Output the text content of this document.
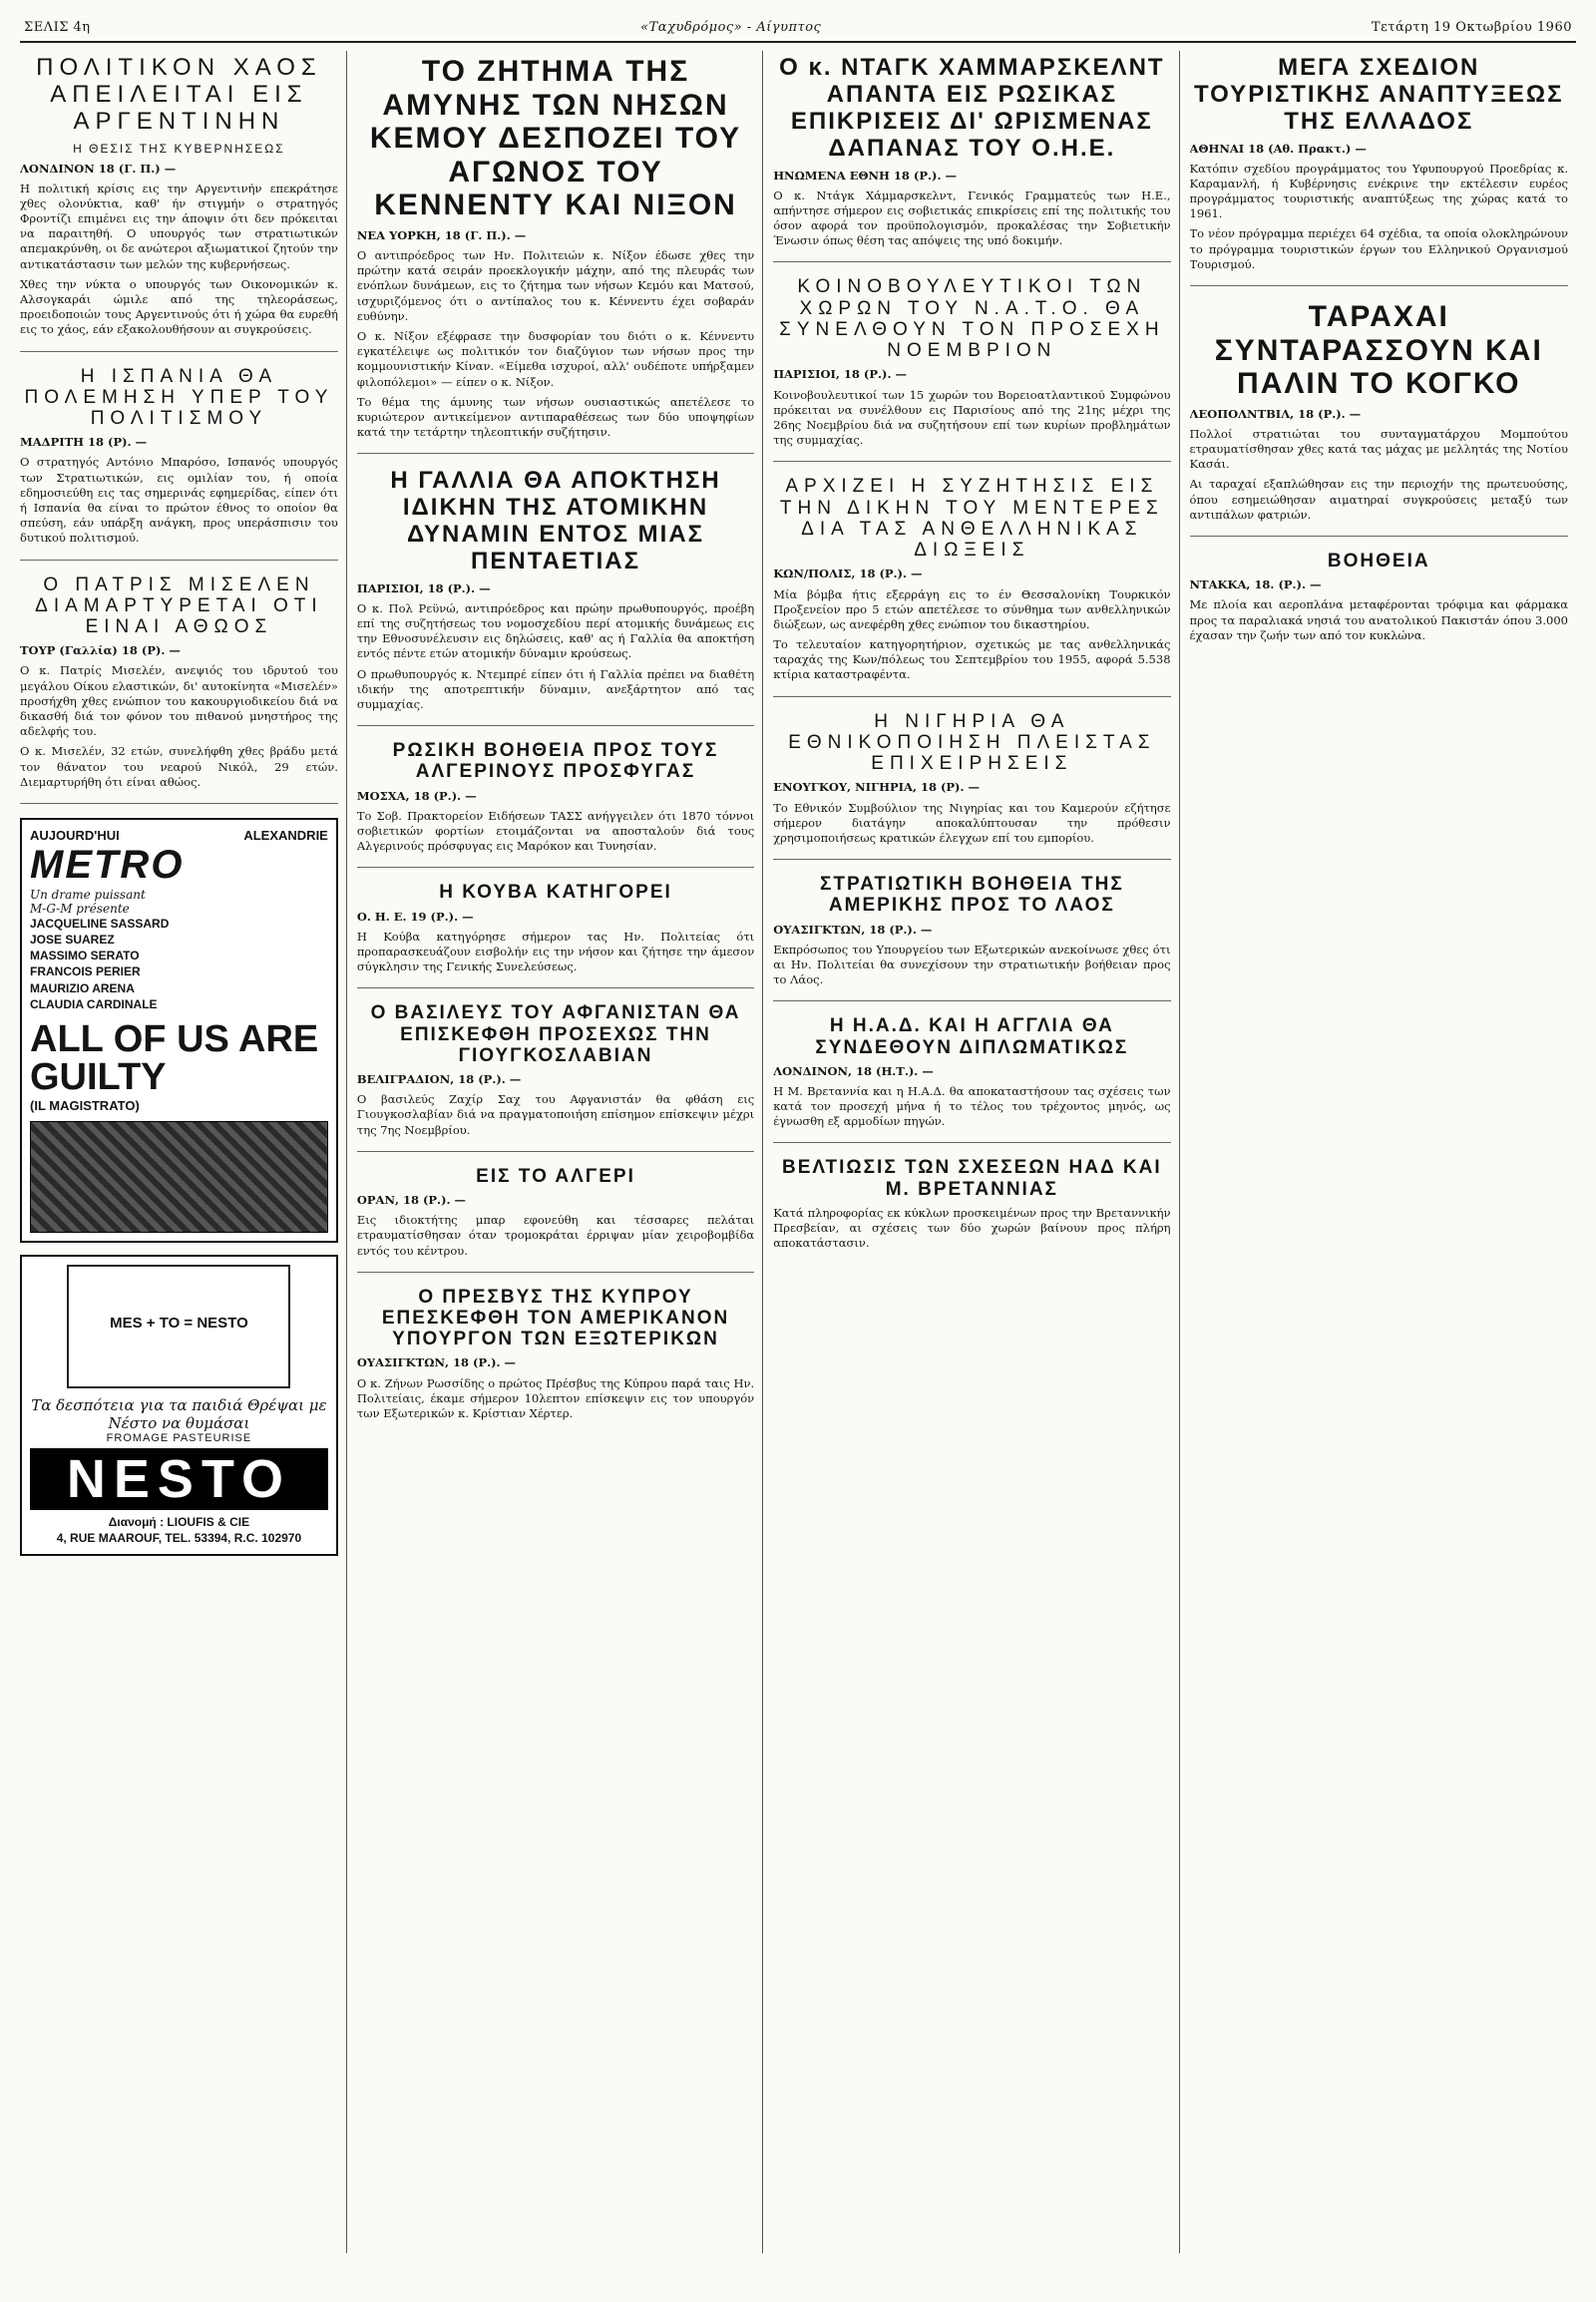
ΣΕΛΙΣ 4η	«Ταχυδρόμος» - Αίγυπτος	Τετάρτη 19 Οκτωβρίου 1960
ΠΟΛΙΤΙΚΟΝ ΧΑΟΣ ΑΠΕΙΛΕΙΤΑΙ ΕΙΣ ΑΡΓΕΝΤΙΝΗΝ
Η ΘΕΣΙΣ ΤΗΣ ΚΥΒΕΡΝΗΣΕΩΣ

ΛΟΝΔΙΝΟΝ 18 (Γ. Π.) —

Η πολιτική κρίσις εις την Αργεντινήν επεκράτησε χθες ολονύκτια, καθ' ήν στιγμήν ο στρατηγός Φροντίζι επιμένει εις την άποψιν ότι δεν πρόκειται να παραιτηθή. Ο υπουργός των στρατιωτικών απεμακρύνθη, οι δε ανώτεροι αξιωματικοί ζητούν την αντικατάστασιν των μελών της κυβερνήσεως.

Χθες την νύκτα ο υπουργός των Οικονομικών κ. Αλσογκαράι ώμιλε από της τηλεοράσεως, προειδοποιών τους Αργεντινούς ότι ή χώρα θα ευρεθή εις το χάος, εάν εξακολουθήσουν αι συγκρούσεις.

Η ΙΣΠΑΝΙΑ ΘΑ ΠΟΛΕΜΗΣΗ ΥΠΕΡ ΤΟΥ ΠΟΛΙΤΙΣΜΟΥ

ΜΑΔΡΙΤΗ 18 (Ρ). —

Ο στρατηγός Αντόνιο Μπαρόσο, Ισπανός υπουργός των Στρατιωτικών, εις ομιλίαν του, ή οποία εδημοσιεύθη εις τας σημερινάς εφημερίδας, είπεν ότι ή Ισπανία θα είναι το πρώτον έθνος το οποίον θα σπεύση, εάν υπάρξη ανάγκη, προς υπεράσπισιν του δυτικού πολιτισμού.

Ο ΠΑΤΡΙΣ ΜΙΣΕΛΕΝ ΔΙΑΜΑΡΤΥΡΕΤΑΙ ΟΤΙ ΕΙΝΑΙ ΑΘΩΟΣ

ΤΟΥΡ (Γαλλία) 18 (Ρ). —

Ο κ. Πατρίς Μισελέν, ανεψιός του ιδρυτού του μεγάλου Οίκου ελαστικών, δι' αυτοκίνητα «Μισελέν» προσήχθη χθες ενώπιον του κακουργιοδικείου διά να δικασθή διά τον φόνον του πιθανού μνηστήρος της αδελφής του.

Ο κ. Μισελέν, 32 ετών, συνελήφθη χθες βράδυ μετά τον θάνατον του νεαρού Νικόλ, 29 ετών. Διεμαρτυρήθη ότι είναι αθώος.

AUJOURD'HUI	ALEXANDRIE
METRO
Un drame puissant
M-G-M présente
JACQUELINE SASSARD
JOSE SUAREZ
MASSIMO SERATO
FRANCOIS PERIER
MAURIZIO ARENA
CLAUDIA CARDINALE
ALL OF US ARE GUILTY
(IL MAGISTRATO)
MES + TO = NESTO
Τα δεσπότεια για τα παιδιά Θρέψαι με Νέστο να θυμάσαι
FROMAGE PASTEURISE
NESTO
Διανομή : LIOUFIS & CIE
4, RUE MAAROUF, TEL. 53394, R.C. 102970
ΤΟ ΖΗΤΗΜΑ ΤΗΣ ΑΜΥΝΗΣ ΤΩΝ ΝΗΣΩΝ ΚΕΜΟΥ ΔΕΣΠΟΖΕΙ ΤΟΥ ΑΓΩΝΟΣ ΤΟΥ ΚΕΝΝΕΝΤΥ ΚΑΙ ΝΙΞΟΝ

ΝΕΑ ΥΟΡΚΗ, 18 (Γ. Π.). —

Ο αντιπρόεδρος των Ην. Πολιτειών κ. Νίξον έδωσε χθες την πρώτην κατά σειράν προεκλογικήν μάχην, από της πλευράς των ενόπλων δυνάμεων, εις το ζήτημα των νήσων Κεμόυ και Ματσού, ισχυριζόμενος ότι ο αντίπαλος του κ. Κέννεντυ έχει σοβαράν ευθύνην.

Ο κ. Νίξον εξέφρασε την δυσφορίαν του διότι ο κ. Κέννεντυ εγκατέλειψε ως πολιτικόν τον διαζύγιον των νήσων προς την κομμουνιστικήν Κίναν. «Είμεθα ισχυροί, αλλ' ουδέποτε υπήρξαμεν φιλοπόλεμοι» — είπεν ο κ. Νίξον.

Το θέμα της άμυνης των νήσων ουσιαστικώς απετέλεσε το κυριώτερον αντικείμενον αντιπαραθέσεως των δύο υποψηφίων κατά την τετάρτην τηλεοπτικήν συζήτησιν.

Η ΓΑΛΛΙΑ ΘΑ ΑΠΟΚΤΗΣΗ ΙΔΙΚΗΝ ΤΗΣ ΑΤΟΜΙΚΗΝ ΔΥΝΑΜΙΝ ΕΝΤΟΣ ΜΙΑΣ ΠΕΝΤΑΕΤΙΑΣ

ΠΑΡΙΣΙΟΙ, 18 (Ρ.). —

Ο κ. Πολ Ρεϋνώ, αντιπρόεδρος και πρώην πρωθυπουργός, προέβη επί της συζητήσεως του νομοσχεδίου περί ατομικής δυνάμεως εις την Εθνοσυνέλευσιν εις δηλώσεις, καθ' ας ή Γαλλία θα αποκτήση εντός πέντε ετών ατομικήν δύναμιν κρούσεως.

Ο πρωθυπουργός κ. Ντεμπρέ είπεν ότι ή Γαλλία πρέπει να διαθέτη ιδικήν της αποτρεπτικήν δύναμιν, ανεξάρτητον από τας συμμαχίας.

ΡΩΣΙΚΗ ΒΟΗΘΕΙΑ ΠΡΟΣ ΤΟΥΣ ΑΛΓΕΡΙΝΟΥΣ ΠΡΟΣΦΥΓΑΣ

ΜΟΣΧΑ, 18 (Ρ.). —

Το Σοβ. Πρακτορείον Ειδήσεων ΤΑΣΣ ανήγγειλεν ότι 1870 τόννοι σοβιετικών φορτίων ετοιμάζονται να αποσταλούν διά τους Αλγερινούς πρόσφυγας εις Μαρόκον και Τυνησίαν.

Η ΚΟΥΒΑ ΚΑΤΗΓΟΡΕΙ

Ο. Η. Ε. 19 (Ρ.). —

Η Κούβα κατηγόρησε σήμερον τας Ην. Πολιτείας ότι προπαρασκευάζουν εισβολήν εις την νήσον και ζήτησε την άμεσον σύγκλησιν της Γενικής Συνελεύσεως.

Ο ΒΑΣΙΛΕΥΣ ΤΟΥ ΑΦΓΑΝΙΣΤΑΝ ΘΑ ΕΠΙΣΚΕΦΘΗ ΠΡΟΣΕΧΩΣ ΤΗΝ ΓΙΟΥΓΚΟΣΛΑΒΙΑΝ

ΒΕΛΙΓΡΑΔΙΟΝ, 18 (Ρ.). —

Ο βασιλεύς Ζαχίρ Σαχ του Αφγανιστάν θα φθάση εις Γιουγκοσλαβίαν διά να πραγματοποιήση επίσημον επίσκεψιν μέχρι της 7ης Νοεμβρίου.

ΕΙΣ ΤΟ ΑΛΓΕΡΙ

ΟΡΑΝ, 18 (Ρ.). —

Εις ιδιοκτήτης μπαρ εφονεύθη και τέσσαρες πελάται ετραυματίσθησαν όταν τρομοκράται έρριψαν μίαν χειροβομβίδα εντός του κέντρου.

Ο ΠΡΕΣΒΥΣ ΤΗΣ ΚΥΠΡΟΥ ΕΠΕΣΚΕΦΘΗ ΤΟΝ ΑΜΕΡΙΚΑΝΟΝ ΥΠΟΥΡΓΟΝ ΤΩΝ ΕΞΩΤΕΡΙΚΩΝ

ΟΥΑΣΙΓΚΤΩΝ, 18 (Ρ.). —

Ο κ. Ζήνων Ρωσσίδης ο πρώτος Πρέσβυς της Κύπρου παρά ταις Ην. Πολιτείαις, έκαμε σήμερον 10λεπτον επίσκεψιν εις τον υπουργόν των Εξωτερικών κ. Κρίστιαν Χέρτερ.

Ο κ. ΝΤΑΓΚ ΧΑΜΜΑΡΣΚΕΛΝΤ ΑΠΑΝΤΑ ΕΙΣ ΡΩΣΙΚΑΣ ΕΠΙΚΡΙΣΕΙΣ ΔΙ' ΩΡΙΣΜΕΝΑΣ ΔΑΠΑΝΑΣ ΤΟΥ Ο.Η.Ε.

ΗΝΩΜΕΝΑ ΕΘΝΗ 18 (Ρ.). —

Ο κ. Ντάγκ Χάμμαρσκελντ, Γενικός Γραμματεύς των Η.Ε., απήντησε σήμερον εις σοβιετικάς επικρίσεις επί της πολιτικής του όσον αφορά τον προϋπολογισμόν, προκαλέσας την Σοβιετικήν Ένωσιν όπως θέση τας απόψεις της υπό δοκιμήν.

ΚΟΙΝΟΒΟΥΛΕΥΤΙΚΟΙ ΤΩΝ ΧΩΡΩΝ ΤΟΥ Ν.Α.Τ.Ο. ΘΑ ΣΥΝΕΛΘΟΥΝ ΤΟΝ ΠΡΟΣΕΧΗ ΝΟΕΜΒΡΙΟΝ

ΠΑΡΙΣΙΟΙ, 18 (Ρ.). —

Κοινοβουλευτικοί των 15 χωρών του Βορειοατλαντικού Συμφώνου πρόκειται να συνέλθουν εις Παρισίους από της 21ης μέχρι της 26ης Νοεμβρίου διά να συζητήσουν επί των κυρίων προβλημάτων της συμμαχίας.

ΑΡΧΙΖΕΙ Η ΣΥΖΗΤΗΣΙΣ ΕΙΣ ΤΗΝ ΔΙΚΗΝ ΤΟΥ ΜΕΝΤΕΡΕΣ ΔΙΑ ΤΑΣ ΑΝΘΕΛΛΗΝΙΚΑΣ ΔΙΩΞΕΙΣ

ΚΩΝ/ΠΟΛΙΣ, 18 (Ρ.). —

Μία βόμβα ήτις εξερράγη εις το έν Θεσσαλονίκη Τουρκικόν Προξενείον προ 5 ετών απετέλεσε το σύνθημα των ανθελληνικών διώξεων, ως ανεφέρθη χθες ενώπιον του δικαστηρίου.

Το τελευταίον κατηγορητήριον, σχετικώς με τας ανθελληνικάς ταραχάς της Κων/πόλεως του Σεπτεμβρίου του 1955, αφορά 5.538 κτίρια καταστραφέντα.

Η ΝΙΓΗΡΙΑ ΘΑ ΕΘΝΙΚΟΠΟΙΗΣΗ ΠΛΕΙΣΤΑΣ ΕΠΙΧΕΙΡΗΣΕΙΣ

ΕΝΟΥΓΚΟΥ, ΝΙΓΗΡΙΑ, 18 (Ρ). —

Το Εθνικόν Συμβούλιον της Νιγηρίας και του Καμερούν εζήτησε σήμερον διατάγην αποκαλύπτουσαν την πρόθεσιν χρησιμοποιήσεως κρατικών έλεγχων επί του εμπορίου.

ΣΤΡΑΤΙΩΤΙΚΗ ΒΟΗΘΕΙΑ ΤΗΣ ΑΜΕΡΙΚΗΣ ΠΡΟΣ ΤΟ ΛΑΟΣ

ΟΥΑΣΙΓΚΤΩΝ, 18 (Ρ.). —

Εκπρόσωπος του Υπουργείου των Εξωτερικών ανεκοίνωσε χθες ότι αι Ην. Πολιτείαι θα συνεχίσουν την στρατιωτικήν βοήθειαν προς το Λάος.

Η Η.Α.Δ. ΚΑΙ Η ΑΓΓΛΙΑ ΘΑ ΣΥΝΔΕΘΟΥΝ ΔΙΠΛΩΜΑΤΙΚΩΣ

ΛΟΝΔΙΝΟΝ, 18 (Η.Τ.). —

Η Μ. Βρεταννία και η Η.Α.Δ. θα αποκαταστήσουν τας σχέσεις των κατά τον προσεχή μήνα ή το τέλος του τρέχοντος μηνός, ως έγνωσθη εξ αρμοδίων πηγών.

ΒΕΛΤΙΩΣΙΣ ΤΩΝ ΣΧΕΣΕΩΝ ΗΑΔ ΚΑΙ Μ. ΒΡΕΤΑΝΝΙΑΣ

Κατά πληροφορίας εκ κύκλων προσκειμένων προς την Βρεταννικήν Πρεσβείαν, αι σχέσεις των δύο χωρών βαίνουν προς πλήρη αποκατάστασιν.

ΜΕΓΑ ΣΧΕΔΙΟΝ ΤΟΥΡΙΣΤΙΚΗΣ ΑΝΑΠΤΥΞΕΩΣ ΤΗΣ ΕΛΛΑΔΟΣ

ΑΘΗΝΑΙ 18 (Αθ. Πρακτ.) —

Κατόπιν σχεδίου προγράμματος του Υφυπουργού Προεδρίας κ. Καραμανλή, ή Κυβέρνησις ενέκρινε την εκτέλεσιν ευρέος προγράμματος τουριστικής αναπτύξεως της χώρας κατά το 1961.

Το νέον πρόγραμμα περιέχει 64 σχέδια, τα οποία ολοκληρώνουν το πρόγραμμα τουριστικών έργων του Ελληνικού Οργανισμού Τουρισμού.

ΤΑΡΑΧΑΙ ΣΥΝΤΑΡΑΣΣΟΥΝ ΚΑΙ ΠΑΛΙΝ ΤΟ ΚΟΓΚΟ

ΛΕΟΠΟΛΝΤΒΙΛ, 18 (Ρ.). —

Πολλοί στρατιώται του συνταγματάρχου Μομπούτου ετραυματίσθησαν χθες κατά τας μάχας με μελλητάς της Νοτίου Κασάι.

Αι ταραχαί εξαπλώθησαν εις την περιοχήν της πρωτευούσης, όπου εσημειώθησαν αιματηραί συγκρούσεις μεταξύ των αντιπάλων φατριών.

ΒΟΗΘΕΙΑ

ΝΤΑΚΚΑ, 18. (Ρ.). —

Με πλοία και αεροπλάνα μεταφέρονται τρόφιμα και φάρμακα προς τα παραλιακά νησιά του ανατολικού Πακιστάν όπου 3.000 έχασαν την ζωήν των από τον κυκλώνα.
